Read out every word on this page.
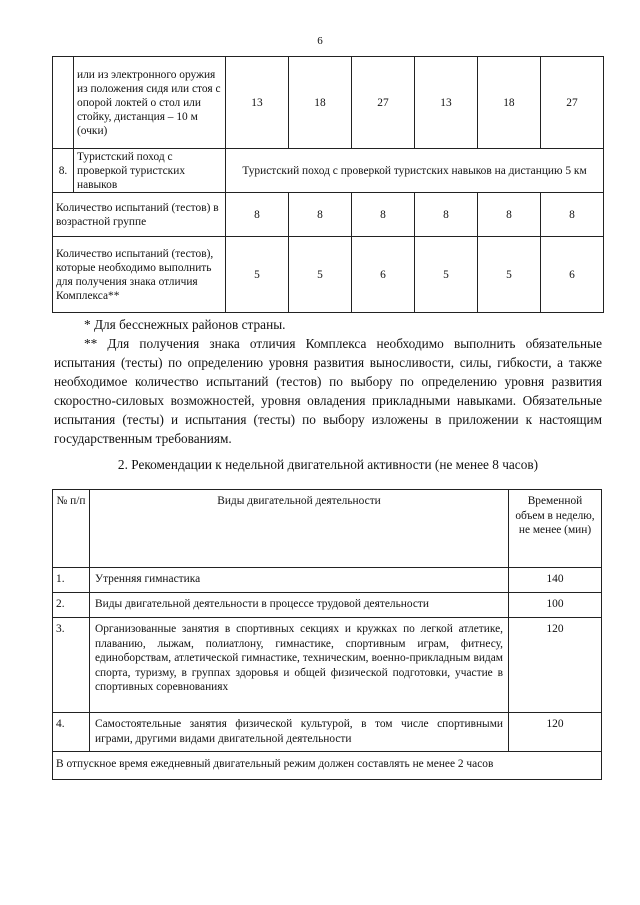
6
	или из электронного оружия из положения сидя или стоя с опорой локтей о стол или стойку, дистанция – 10 м (очки)	13	18	27	13	18	27
8.	Туристский поход с проверкой туристских навыков	Туристский поход с проверкой туристских навыков на дистанцию 5 км					
Количество испытаний (тестов) в возрастной группе		8	8	8	8	8	8
Количество испытаний (тестов), которые необходимо выполнить для получения знака отличия Комплекса**		5	5	6	5	5	6

* Для бесснежных районов страны.

** Для получения знака отличия Комплекса необходимо выполнить обязательные испытания (тесты) по определению уровня развития выносливости, силы, гибкости, а также необходимое количество испытаний (тестов) по выбору по определению уровня развития скоростно-силовых возможностей, уровня овладения прикладными навыками. Обязательные испытания (тесты) и испытания (тесты) по выбору изложены в приложении к настоящим государственным требованиям.

2. Рекомендации к недельной двигательной активности (не менее 8 часов)
№ п/п	Виды двигательной деятельности	Временной объем в неделю, не менее (мин)
1.	Утренняя гимнастика	140
2.	Виды двигательной деятельности в процессе трудовой деятельности	100
3.	Организованные занятия в спортивных секциях и кружках по легкой атлетике, плаванию, лыжам, полиатлону, гимнастике, спортивным играм, фитнесу, единоборствам, атлетической гимнастике, техническим, военно-прикладным видам спорта, туризму, в группах здоровья и общей физической подготовки, участие в спортивных соревнованиях	120
4.	Самостоятельные занятия физической культурой, в том числе спортивными играми, другими видами двигательной деятельности	120
В отпускное время ежедневный двигательный режим должен составлять не менее 2 часов		
